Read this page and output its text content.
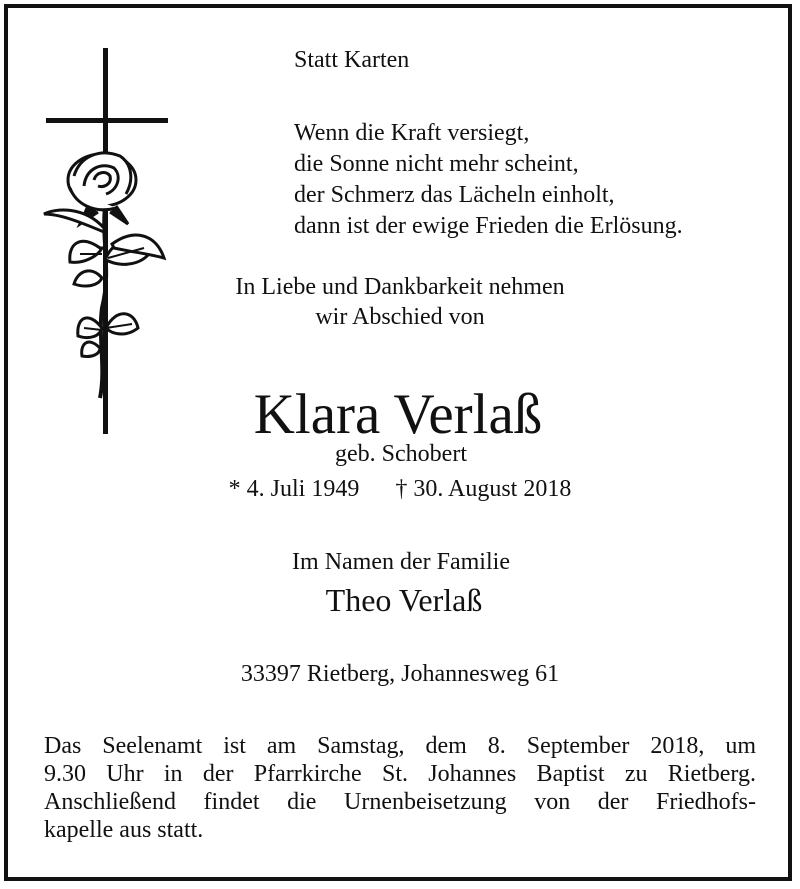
Statt Karten
Wenn die Kraft versiegt,
die Sonne nicht mehr scheint,
der Schmerz das Lächeln einholt,
dann ist der ewige Frieden die Erlösung.
In Liebe und Dankbarkeit nehmen
wir Abschied von
Klara Verlaß
geb. Schobert
* 4. Juli 1949 † 30. August 2018
Im Namen der Familie
Theo Verlaß
33397 Rietberg, Johannesweg 61
Das Seelenamt ist am Samstag, dem 8. September 2018, um
9.30 Uhr in der Pfarrkirche St. Johannes Baptist zu Rietberg.
Anschließend findet die Urnenbeisetzung von der Friedhofs-
kapelle aus statt.
